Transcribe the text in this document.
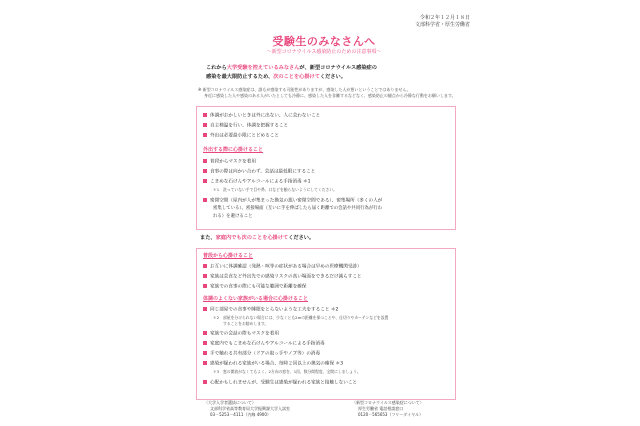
令和２年１２月１８日
文部科学省・厚生労働省
受験生のみなさんへ
～新型コロナウイルス感染防止のための注意事項～
これから大学受験を控えているみなさんが、新型コロナウイルス感染症の
感染を最大限防止するため、次のことを心掛けてください。
※ 新型コロナウイルス感染症は、誰もが感染する可能性がありますが、感染した人が悪いということではありません。
身近に感染した人や感染のある人がいたとしても冷静に、感染した人を非難するなどなく、感染防止の観点から冷静な行動をお願いします。
体調がおかしいときは外に出ない、人に会わないこと
自主検温を行い、体調を把握すること
外出は必要最小限にとどめること
外出する際に心掛けること
普段からマスクを着用
食事の際は向かい合わず、会話は最低限にすること
こまめな石けんやアルコールによる手指消毒 ＊1
＊1　洗っていない手で目や鼻、口などを触らないようにしてください。
密閉空間（屋内が人が集まった換気の悪い密閉空間である）、密集場所（多くの人が
密集している）、密接場面（互いに手を伸ばしたら届く距離での会話や共同行為が行わ
れる）を避けること
また、家庭内でも次のことを心掛けてください。
普段から心掛けること
お互いに体調確認（発熱・咳等の症状がある場合は早めの医療機関受診）
家族は会食など外出先での感染リスクの高い場面をできるだけ減らすこと
家族での食事の際にも可能な範囲で距離を確保
体調のよくない家族がいる場合に心掛けること
同じ部屋での食事や睡眠をとらないような工夫をすること ＊2
＊2　部屋を分けられない場合には、少なくとも2mの距離を保つことや、仕切りやカーテンなどを設置
することをお勧めします。
家族での会話の際もマスクを着用
家庭内でもこまめな石けんやアルコールによる手指消毒
手で触れる共有部分（ドアの取っ手やノブ等）の消毒
感染が疑われる家族がいる場合、毎時２回以上の換気の確保 ＊3
＊3　窓の開放がなくてもよく、2方向の窓を、1回、数分間程度、全開にしましょう。
心配かもしれませんが、受験生は感染が疑われる家族と接触しないこと
〈大学入学者選抜について〉
文部科学省高等教育局大学振興課大学入試室
03－5253－4111（内線 4900）
〈新型コロナウイルス感染症について〉
厚生労働省 電話相談窓口
0120－565653（フリーダイヤル）
